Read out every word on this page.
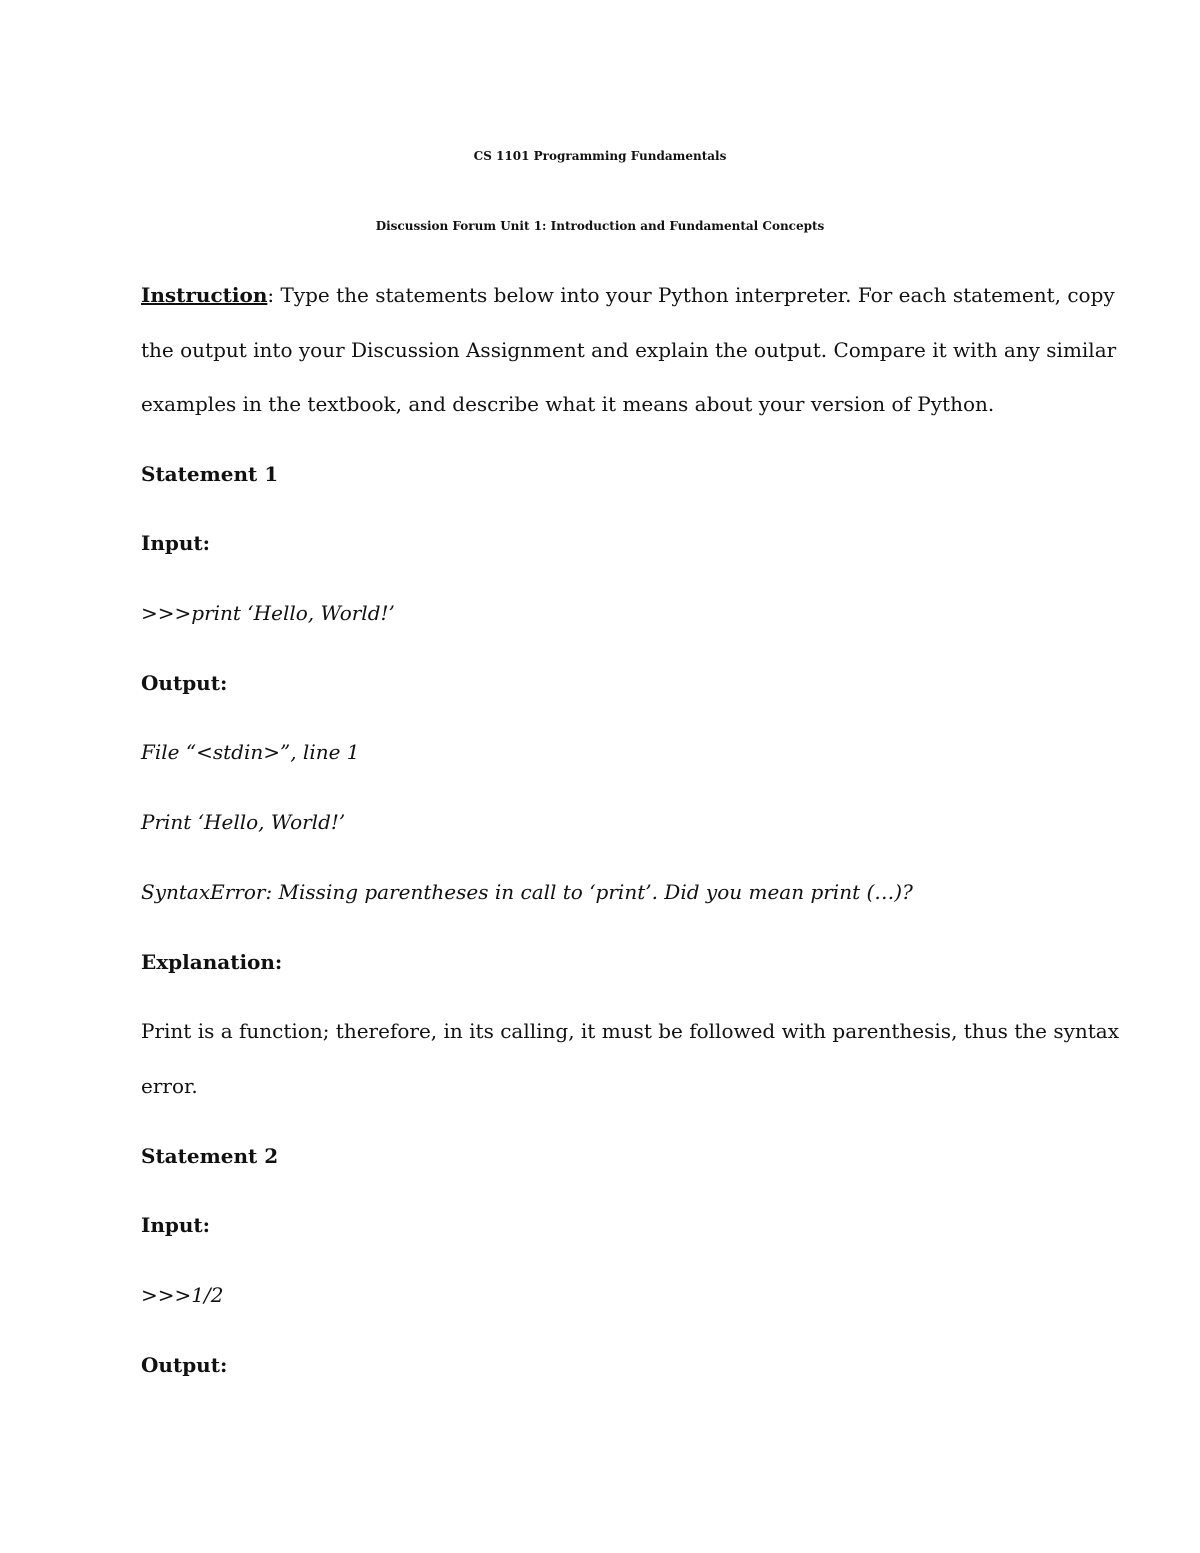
CS 1101 Programming Fundamentals
Discussion Forum Unit 1: Introduction and Fundamental Concepts
Instruction: Type the statements below into your Python interpreter. For each statement, copy
the output into your Discussion Assignment and explain the output. Compare it with any similar
examples in the textbook, and describe what it means about your version of Python.
Statement 1
Input:
>>>print ‘Hello, World!’
Output:
File “<stdin>”, line 1
Print ‘Hello, World!’
SyntaxError: Missing parentheses in call to ‘print’. Did you mean print (…)?
Explanation:
Print is a function; therefore, in its calling, it must be followed with parenthesis, thus the syntax
error.
Statement 2
Input:
>>>1/2
Output:
